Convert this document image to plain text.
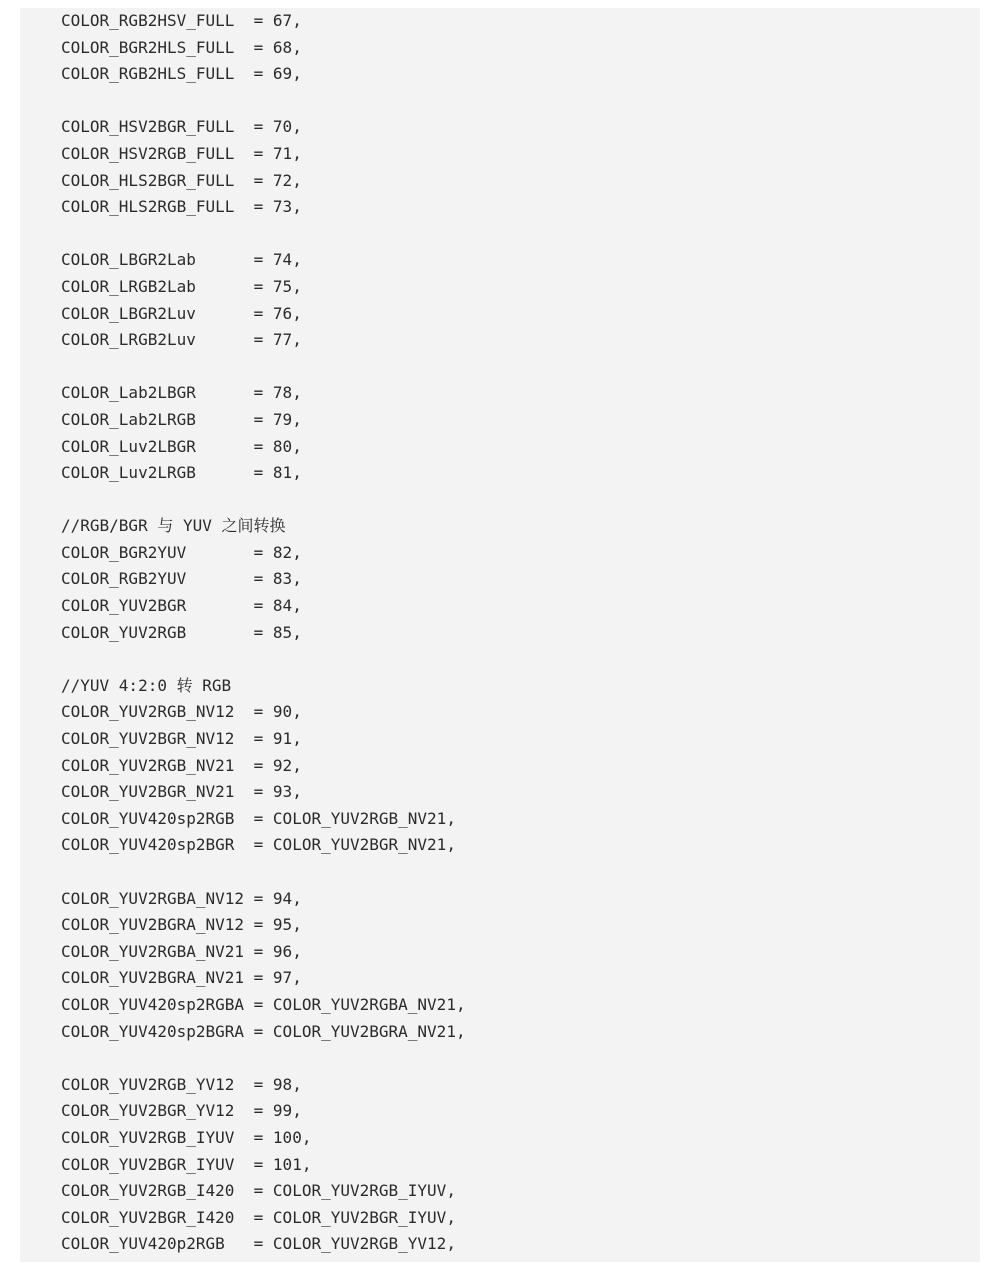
COLOR_RGB2HSV_FULL  = 67,
COLOR_BGR2HLS_FULL  = 68,
COLOR_RGB2HLS_FULL  = 69,
COLOR_HSV2BGR_FULL  = 70,
COLOR_HSV2RGB_FULL  = 71,
COLOR_HLS2BGR_FULL  = 72,
COLOR_HLS2RGB_FULL  = 73,
COLOR_LBGR2Lab      = 74,
COLOR_LRGB2Lab      = 75,
COLOR_LBGR2Luv      = 76,
COLOR_LRGB2Luv      = 77,
COLOR_Lab2LBGR      = 78,
COLOR_Lab2LRGB      = 79,
COLOR_Luv2LBGR      = 80,
COLOR_Luv2LRGB      = 81,
//RGB/BGR 与 YUV 之间转换
COLOR_BGR2YUV       = 82,
COLOR_RGB2YUV       = 83,
COLOR_YUV2BGR       = 84,
COLOR_YUV2RGB       = 85,
//YUV 4:2:0 转 RGB
COLOR_YUV2RGB_NV12  = 90,
COLOR_YUV2BGR_NV12  = 91,
COLOR_YUV2RGB_NV21  = 92,
COLOR_YUV2BGR_NV21  = 93,
COLOR_YUV420sp2RGB  = COLOR_YUV2RGB_NV21,
COLOR_YUV420sp2BGR  = COLOR_YUV2BGR_NV21,
COLOR_YUV2RGBA_NV12 = 94,
COLOR_YUV2BGRA_NV12 = 95,
COLOR_YUV2RGBA_NV21 = 96,
COLOR_YUV2BGRA_NV21 = 97,
COLOR_YUV420sp2RGBA = COLOR_YUV2RGBA_NV21,
COLOR_YUV420sp2BGRA = COLOR_YUV2BGRA_NV21,
COLOR_YUV2RGB_YV12  = 98,
COLOR_YUV2BGR_YV12  = 99,
COLOR_YUV2RGB_IYUV  = 100,
COLOR_YUV2BGR_IYUV  = 101,
COLOR_YUV2RGB_I420  = COLOR_YUV2RGB_IYUV,
COLOR_YUV2BGR_I420  = COLOR_YUV2BGR_IYUV,
COLOR_YUV420p2RGB   = COLOR_YUV2RGB_YV12,
